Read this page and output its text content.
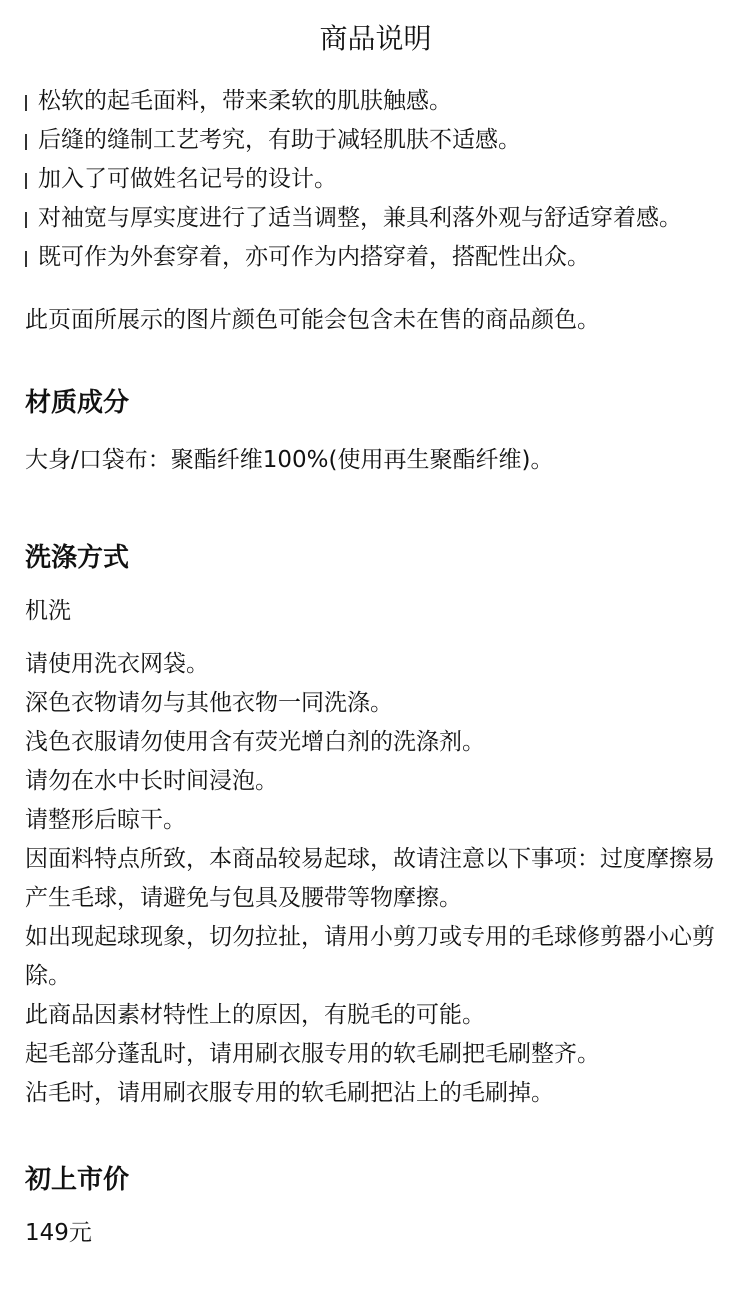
商品说明
松软的起毛面料，带来柔软的肌肤触感。
后缝的缝制工艺考究，有助于减轻肌肤不适感。
加入了可做姓名记号的设计。
对袖宽与厚实度进行了适当调整，兼具利落外观与舒适穿着感。
既可作为外套穿着，亦可作为内搭穿着，搭配性出众。

此页面所展示的图片颜色可能会包含未在售的商品颜色。

材质成分

大身/口袋布：聚酯纤维100%(使用再生聚酯纤维)。

洗涤方式

机洗

请使用洗衣网袋。
深色衣物请勿与其他衣物一同洗涤。
浅色衣服请勿使用含有荧光增白剂的洗涤剂。
请勿在水中长时间浸泡。
请整形后晾干。
因面料特点所致，本商品较易起球，故请注意以下事项：过度摩擦易产生毛球，请避免与包具及腰带等物摩擦。
如出现起球现象，切勿拉扯，请用小剪刀或专用的毛球修剪器小心剪除。
此商品因素材特性上的原因，有脱毛的可能。
起毛部分蓬乱时，请用刷衣服专用的软毛刷把毛刷整齐。
沾毛时，请用刷衣服专用的软毛刷把沾上的毛刷掉。
初上市价

149元
